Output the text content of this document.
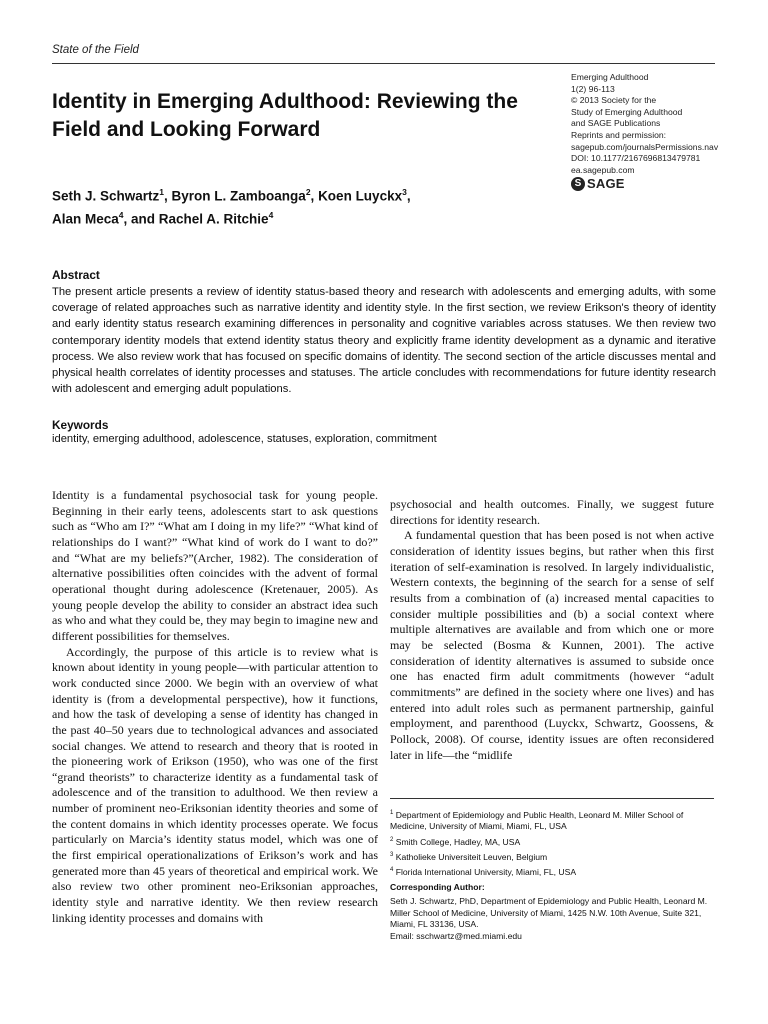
State of the Field
Identity in Emerging Adulthood: Reviewing the Field and Looking Forward
Emerging Adulthood
1(2) 96-113
© 2013 Society for the
Study of Emerging Adulthood
and SAGE Publications
Reprints and permission:
sagepub.com/journalsPermissions.nav
DOI: 10.1177/2167696813479781
ea.sagepub.com
S SAGE
Seth J. Schwartz$^1$, Byron L. Zamboanga$^2$, Koen Luyckx$^3$,
Alan Meca$^4$, and Rachel A. Ritchie$^4$
Abstract
The present article presents a review of identity status-based theory and research with adolescents and emerging adults, with some coverage of related approaches such as narrative identity and identity style. In the first section, we review Erikson's theory of identity and early identity status research examining differences in personality and cognitive variables across statuses. We then review two contemporary identity models that extend identity status theory and explicitly frame identity development as a dynamic and iterative process. We also review work that has focused on specific domains of identity. The second section of the article discusses mental and physical health correlates of identity processes and statuses. The article concludes with recommendations for future identity research with adolescent and emerging adult populations.
Keywords
identity, emerging adulthood, adolescence, statuses, exploration, commitment

Identity is a fundamental psychosocial task for young people. Beginning in their early teens, adolescents start to ask questions such as “Who am I?” “What am I doing in my life?” “What kind of relationships do I want?” “What kind of work do I want to do?” and “What are my beliefs?”(Archer, 1982). The consideration of alternative possibilities often coincides with the advent of formal operational thought during adolescence (Kretenauer, 2005). As young people develop the ability to consider an abstract idea such as who and what they could be, they may begin to imagine new and different possibilities for themselves.

Accordingly, the purpose of this article is to review what is known about identity in young people—with particular attention to work conducted since 2000. We begin with an overview of what identity is (from a developmental perspective), how it functions, and how the task of developing a sense of identity has changed in the past 40–50 years due to technological advances and associated social changes. We attend to research and theory that is rooted in the pioneering work of Erikson (1950), who was one of the first “grand theorists” to characterize identity as a fundamental task of adolescence and of the transition to adulthood. We then review a number of prominent neo-Eriksonian identity theories and some of the content domains in which identity processes operate. We focus particularly on Marcia’s identity status model, which was one of the first empirical operationalizations of Erikson’s work and has generated more than 45 years of theoretical and empirical work. We also review two other prominent neo-Eriksonian approaches, identity style and narrative identity. We then review research linking identity processes and domains with

psychosocial and health outcomes. Finally, we suggest future directions for identity research.

A fundamental question that has been posed is not when active consideration of identity issues begins, but rather when this first iteration of self-examination is resolved. In largely individualistic, Western contexts, the beginning of the search for a sense of self results from a combination of (a) increased mental capacities to consider multiple possibilities and (b) a social context where multiple alternatives are available and from which one or more may be selected (Bosma & Kunnen, 2001). The active consideration of identity alternatives is assumed to subside once one has enacted firm adult commitments (however “adult commitments” are defined in the society where one lives) and has entered into adult roles such as permanent partnership, gainful employment, and parenthood (Luyckx, Schwartz, Goossens, & Pollock, 2008). Of course, identity issues are often reconsidered later in life—the “midlife

$^1$ Department of Epidemiology and Public Health, Leonard M. Miller School of Medicine, University of Miami, Miami, FL, USA
$^2$ Smith College, Hadley, MA, USA
$^3$ Katholieke Universiteit Leuven, Belgium
$^4$ Florida International University, Miami, FL, USA
Corresponding Author:
Seth J. Schwartz, PhD, Department of Epidemiology and Public Health, Leonard M. Miller School of Medicine, University of Miami, 1425 N.W. 10th Avenue, Suite 321, Miami, FL 33136, USA.
Email: sschwartz@med.miami.edu
